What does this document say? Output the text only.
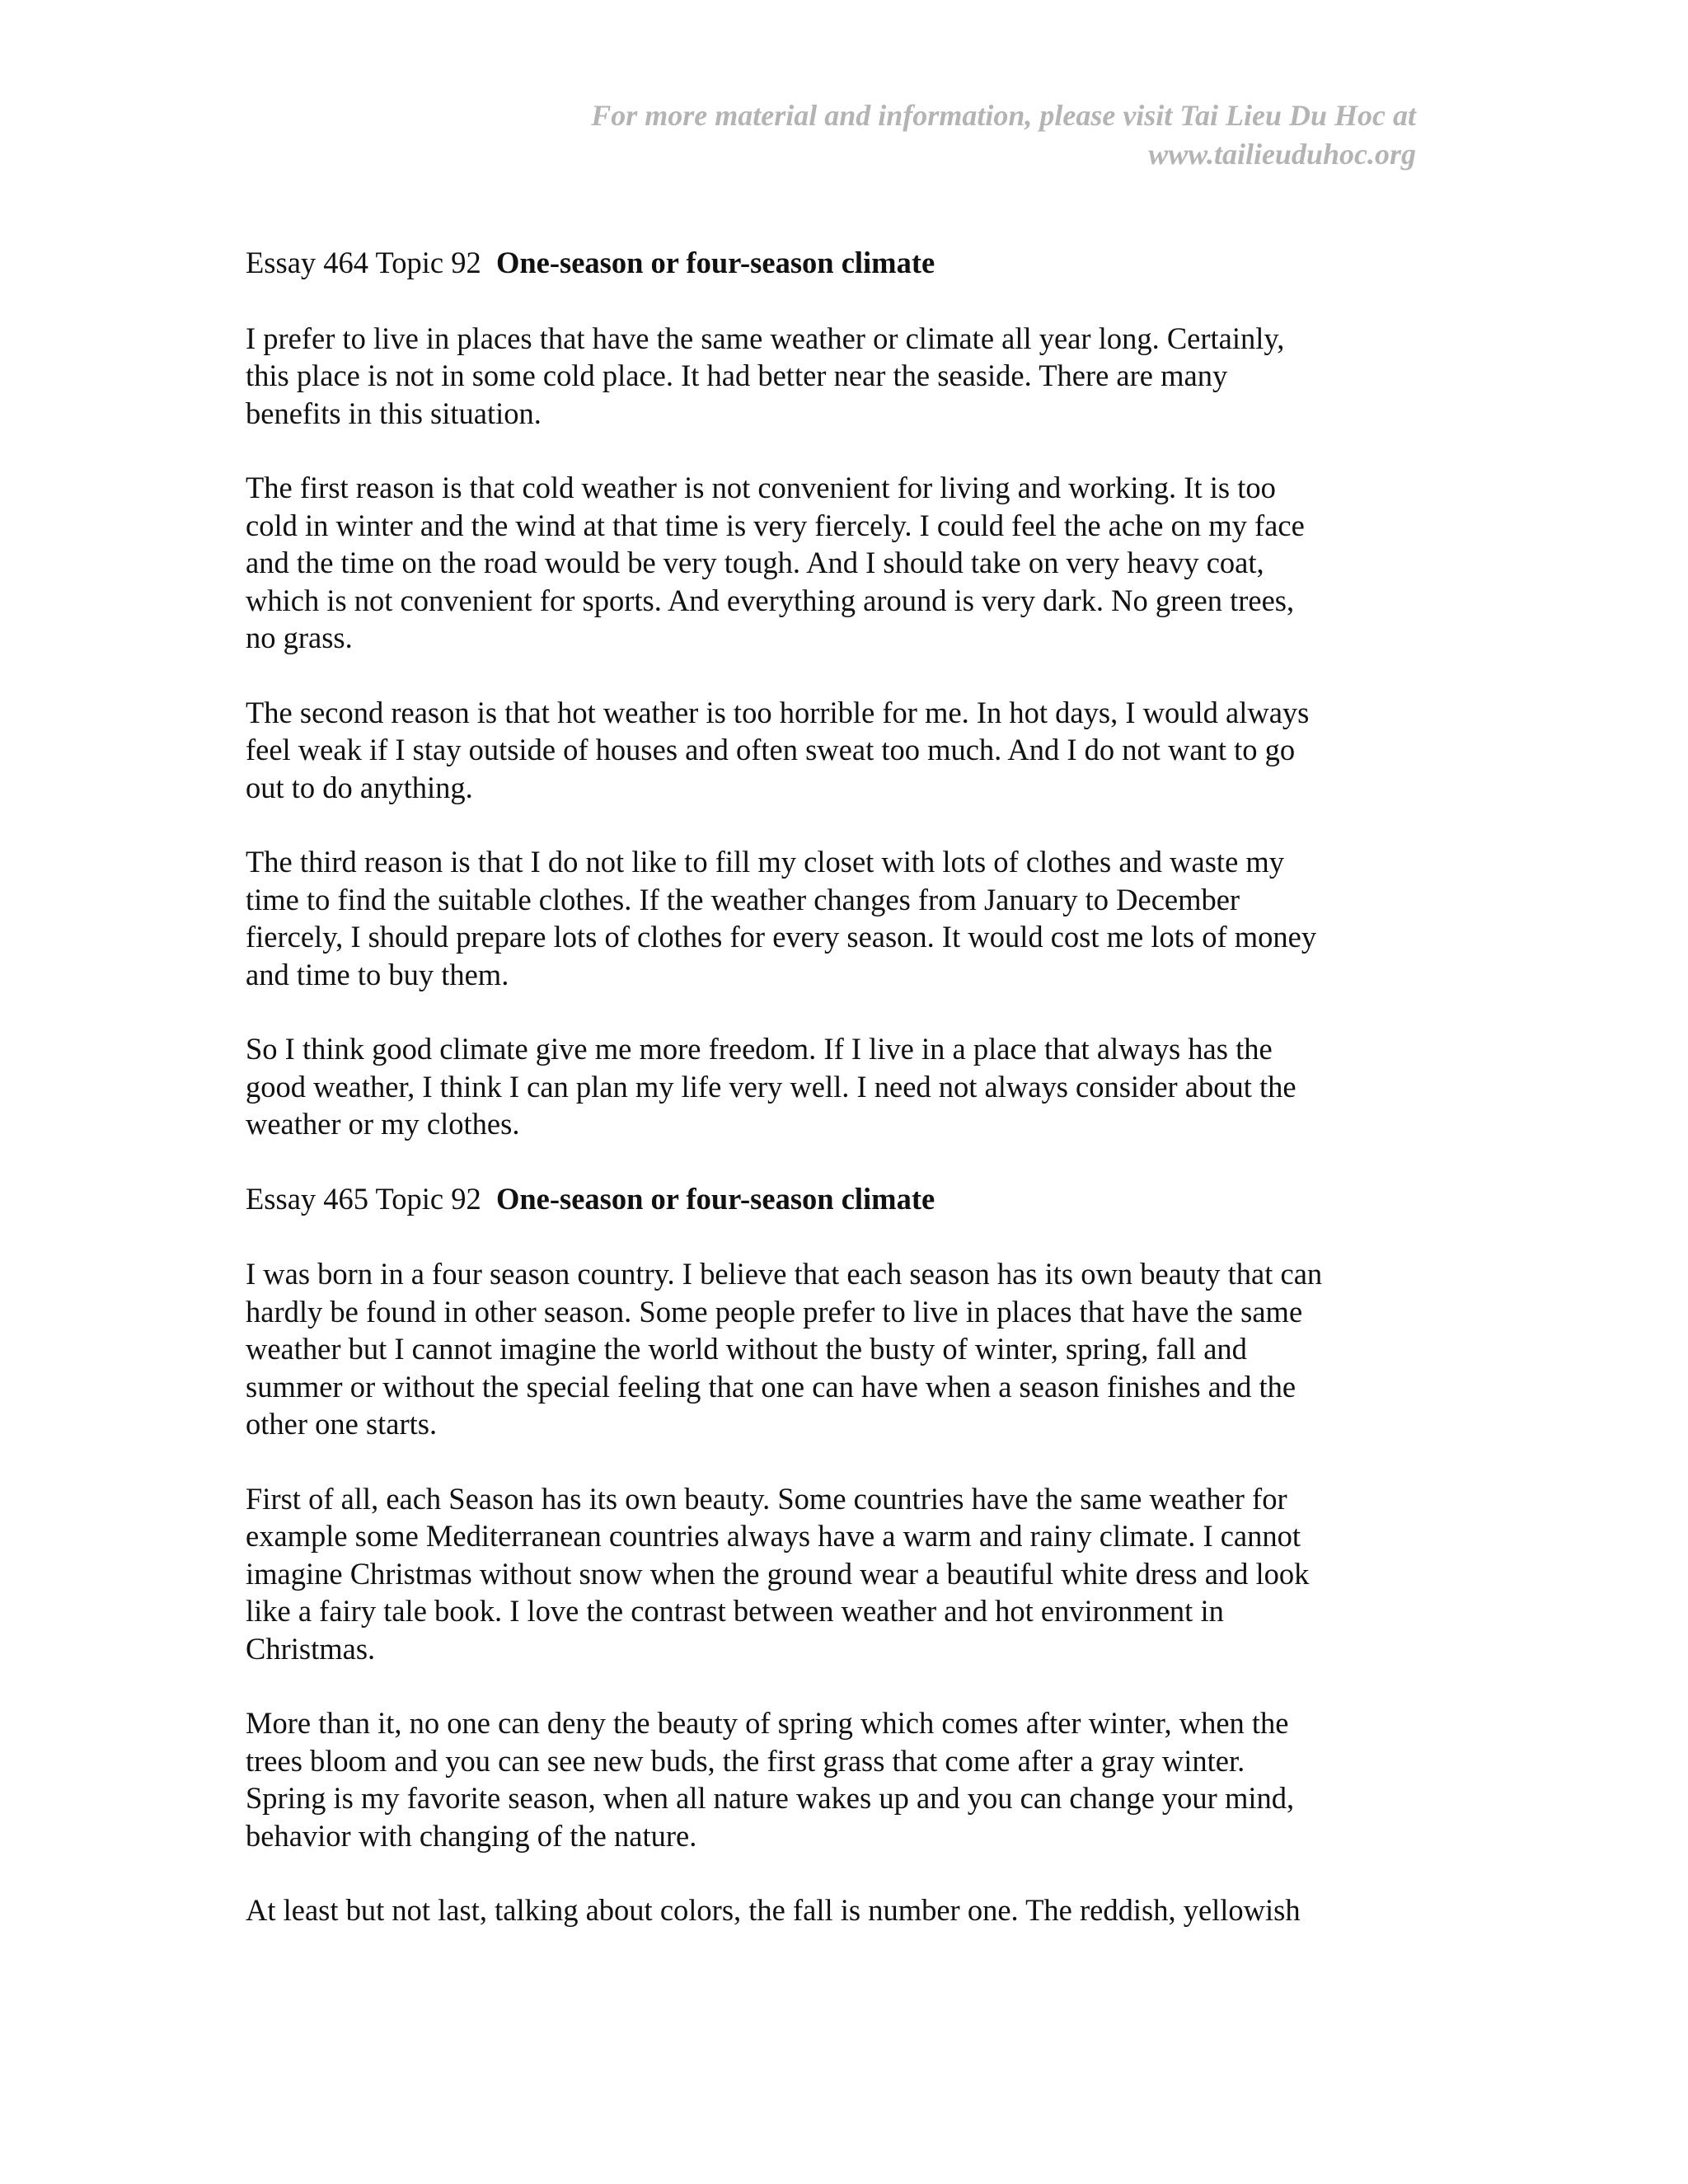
For more material and information, please visit Tai Lieu Du Hoc at
www.tailieuduhoc.org
Essay 464 Topic 92 One-season or four-season climate
I prefer to live in places that have the same weather or climate all year long. Certainly,
this place is not in some cold place. It had better near the seaside. There are many
benefits in this situation.
The first reason is that cold weather is not convenient for living and working. It is too
cold in winter and the wind at that time is very fiercely. I could feel the ache on my face
and the time on the road would be very tough. And I should take on very heavy coat,
which is not convenient for sports. And everything around is very dark. No green trees,
no grass.
The second reason is that hot weather is too horrible for me. In hot days, I would always
feel weak if I stay outside of houses and often sweat too much. And I do not want to go
out to do anything.
The third reason is that I do not like to fill my closet with lots of clothes and waste my
time to find the suitable clothes. If the weather changes from January to December
fiercely, I should prepare lots of clothes for every season. It would cost me lots of money
and time to buy them.
So I think good climate give me more freedom. If I live in a place that always has the
good weather, I think I can plan my life very well. I need not always consider about the
weather or my clothes.
Essay 465 Topic 92 One-season or four-season climate
I was born in a four season country. I believe that each season has its own beauty that can
hardly be found in other season. Some people prefer to live in places that have the same
weather but I cannot imagine the world without the busty of winter, spring, fall and
summer or without the special feeling that one can have when a season finishes and the
other one starts.
First of all, each Season has its own beauty. Some countries have the same weather for
example some Mediterranean countries always have a warm and rainy climate. I cannot
imagine Christmas without snow when the ground wear a beautiful white dress and look
like a fairy tale book. I love the contrast between weather and hot environment in
Christmas.
More than it, no one can deny the beauty of spring which comes after winter, when the
trees bloom and you can see new buds, the first grass that come after a gray winter.
Spring is my favorite season, when all nature wakes up and you can change your mind,
behavior with changing of the nature.
At least but not last, talking about colors, the fall is number one. The reddish, yellowish
